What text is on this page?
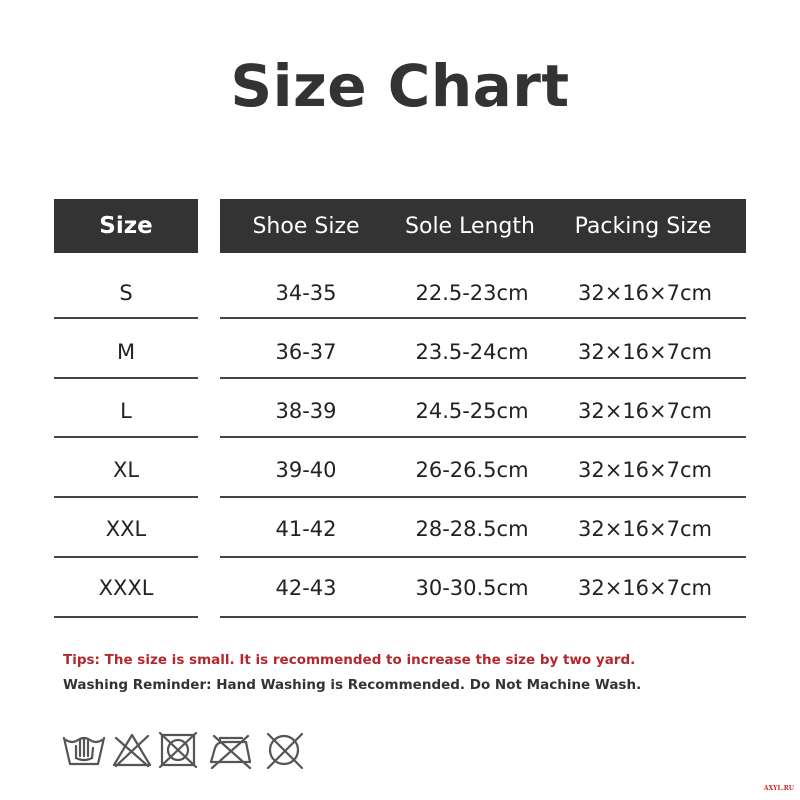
Size Chart
Size	Shoe Size	Sole Length	Packing Size
S	34-35	22.5-23cm	32×16×7cm
M	36-37	23.5-24cm	32×16×7cm
L	38-39	24.5-25cm	32×16×7cm
XL	39-40	26-26.5cm	32×16×7cm
XXL	41-42	28-28.5cm	32×16×7cm
XXXL	42-43	30-30.5cm	32×16×7cm
Tips: The size is small. It is recommended to increase the size by two yard.
Washing Reminder: Hand Washing is Recommended. Do Not Machine Wash.
AXYL.RU
